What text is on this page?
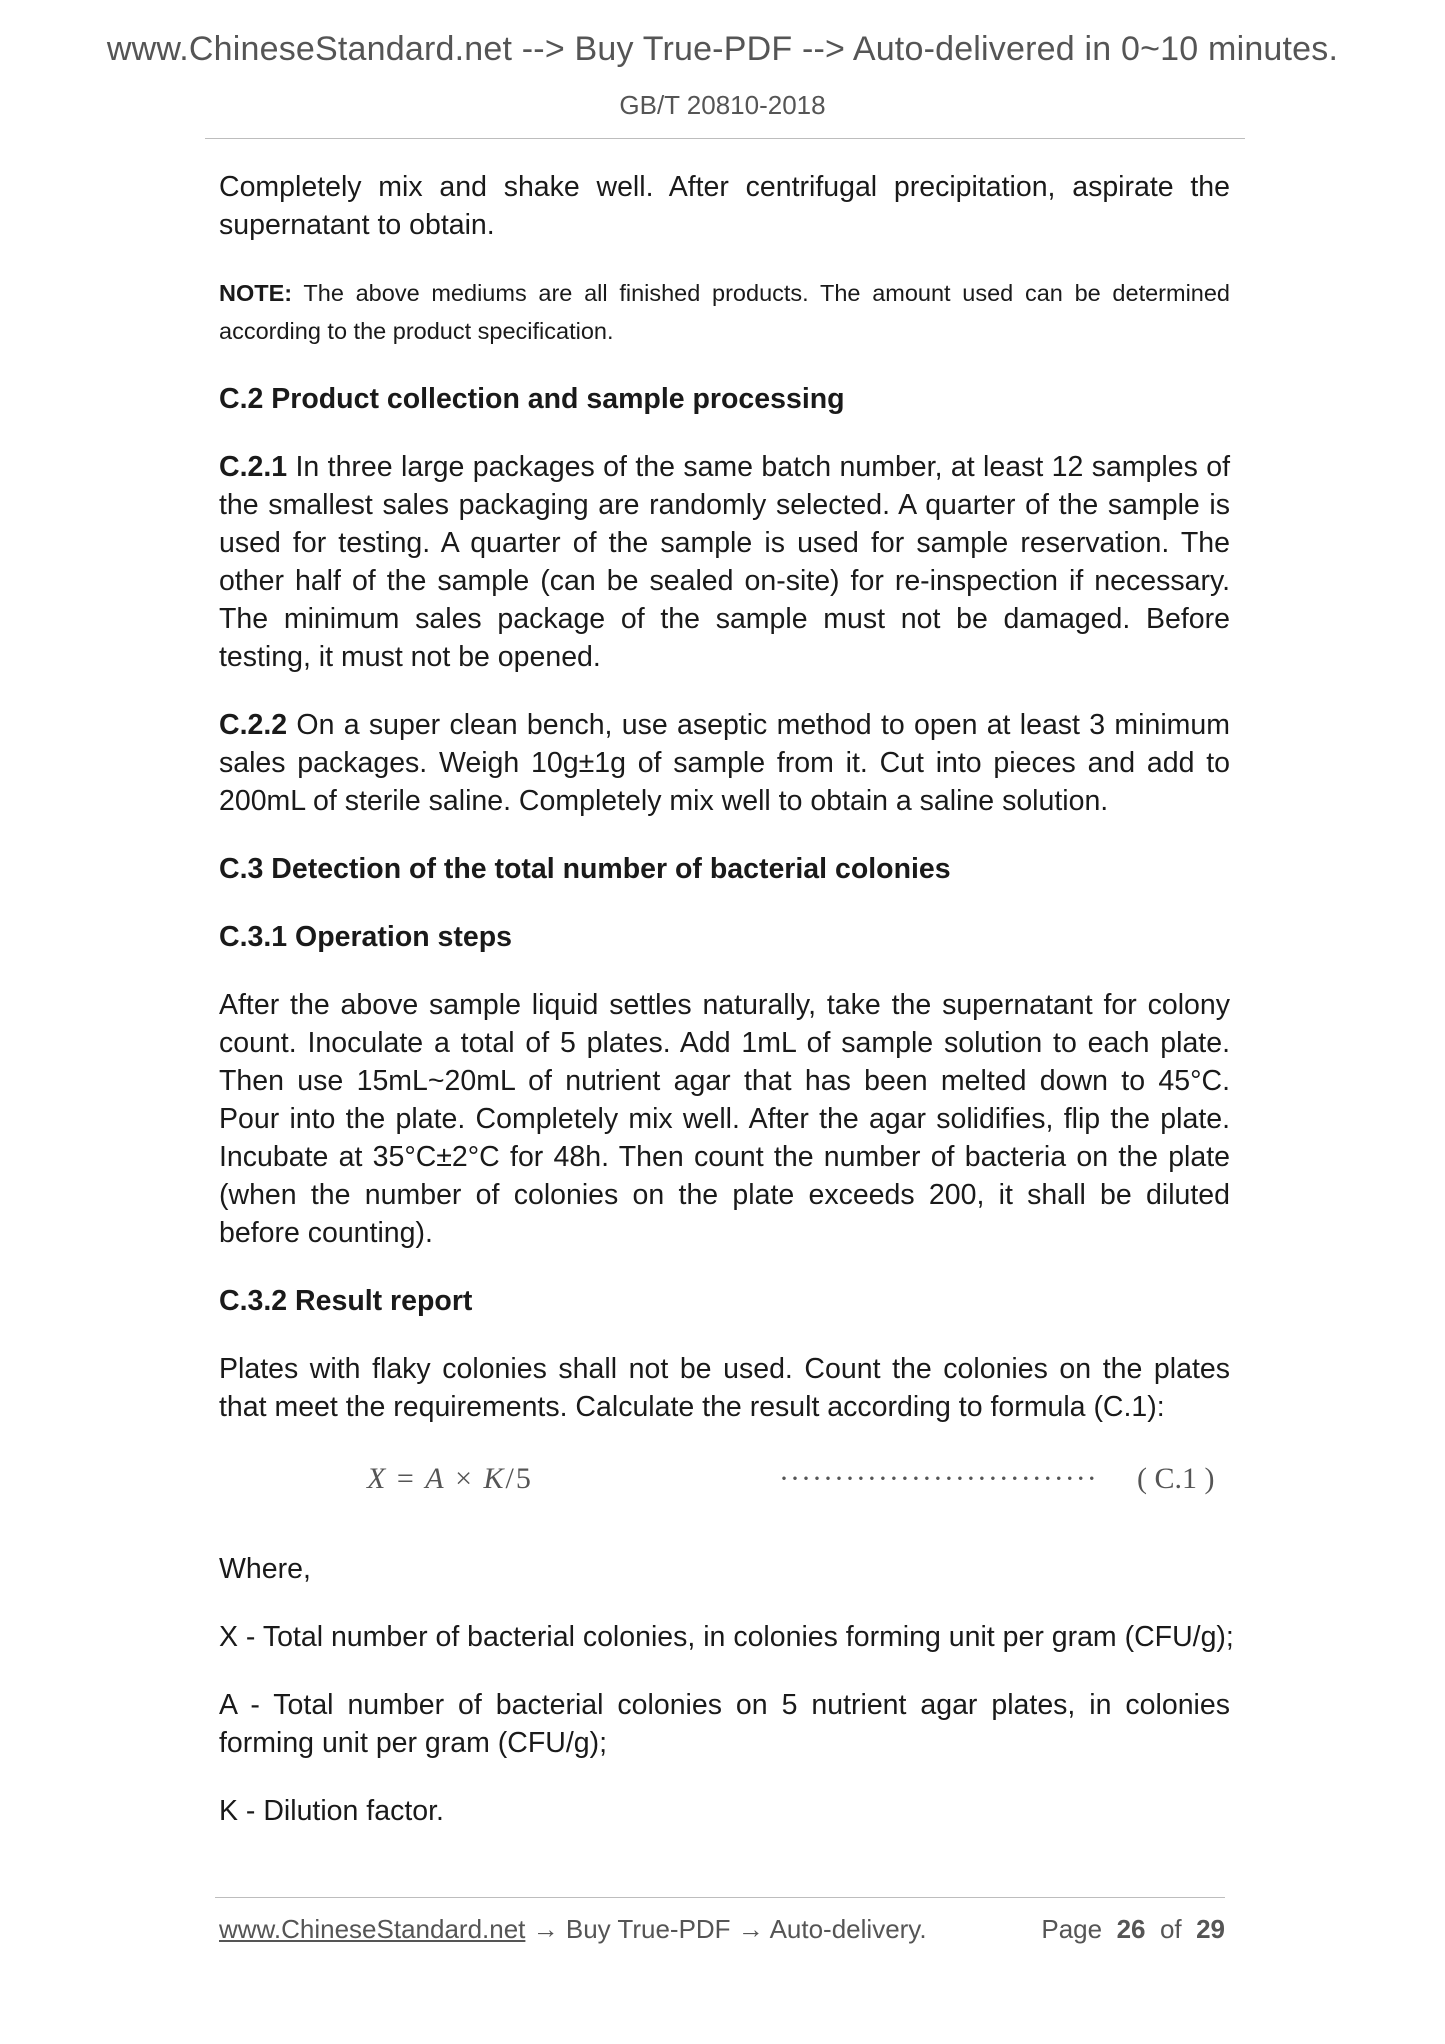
www.ChineseStandard.net --> Buy True-PDF --> Auto-delivered in 0~10 minutes.
GB/T 20810-2018

Completely mix and shake well. After centrifugal precipitation, aspirate the supernatant to obtain.

NOTE: The above mediums are all finished products. The amount used can be determined according to the product specification.

C.2 Product collection and sample processing

C.2.1 In three large packages of the same batch number, at least 12 samples of the smallest sales packaging are randomly selected. A quarter of the sample is used for testing. A quarter of the sample is used for sample reservation. The other half of the sample (can be sealed on-site) for re-inspection if necessary. The minimum sales package of the sample must not be damaged. Before testing, it must not be opened.

C.2.2 On a super clean bench, use aseptic method to open at least 3 minimum sales packages. Weigh 10g±1g of sample from it. Cut into pieces and add to 200mL of sterile saline. Completely mix well to obtain a saline solution.

C.3 Detection of the total number of bacterial colonies
C.3.1 Operation steps

After the above sample liquid settles naturally, take the supernatant for colony count. Inoculate a total of 5 plates. Add 1mL of sample solution to each plate. Then use 15mL~20mL of nutrient agar that has been melted down to 45°C. Pour into the plate. Completely mix well. After the agar solidifies, flip the plate. Incubate at 35°C±2°C for 48h. Then count the number of bacteria on the plate (when the number of colonies on the plate exceeds 200, it shall be diluted before counting).

C.3.2 Result report

Plates with flaky colonies shall not be used. Count the colonies on the plates that meet the requirements. Calculate the result according to formula (C.1):

X = A × K/5	····························· ( C.1 )

Where,

X - Total number of bacterial colonies, in colonies forming unit per gram (CFU/g);

A - Total number of bacterial colonies on 5 nutrient agar plates, in colonies forming unit per gram (CFU/g);

K - Dilution factor.

www.ChineseStandard.net → Buy True-PDF → Auto-delivery.	Page 26 of 29
